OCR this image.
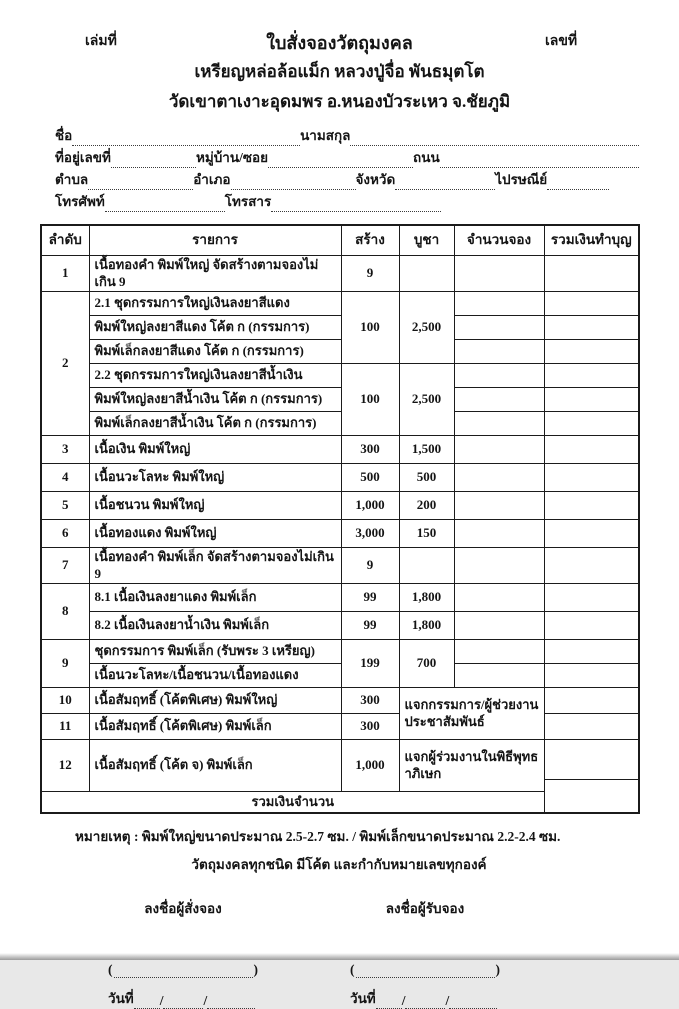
เล่มที่	เลขที่
ใบสั่งจองวัตถุมงคล
เหรียญหล่อล้อแม็ก หลวงปู่จื่อ พันธมุตโต
วัดเขาตาเงาะอุดมพร อ.หนองบัวระเหว จ.ชัยภูมิ
ชื่อ	นามสกุล
ที่อยู่เลขที่	หมู่บ้าน/ซอย	ถนน
ตำบล	อำเภอ	จังหวัด	ไปรษณีย์
โทรศัพท์	โทรสาร
ลำดับ	รายการ	สร้าง	บูชา	จำนวนจอง	รวมเงินทำบุญ
1	เนื้อทองคำ พิมพ์ใหญ่ จัดสร้างตามจองไม่เกิน 9	9			
2	2.1 ชุดกรรมการใหญ่เงินลงยาสีแดง	100	2,500		
	พิมพ์ใหญ่ลงยาสีแดง โค้ต ก (กรรมการ)				
	พิมพ์เล็กลงยาสีแดง โค้ต ก (กรรมการ)				
	2.2 ชุดกรรมการใหญ่เงินลงยาสีน้ำเงิน	100	2,500		
	พิมพ์ใหญ่ลงยาสีน้ำเงิน โค้ต ก (กรรมการ)				
	พิมพ์เล็กลงยาสีน้ำเงิน โค้ต ก (กรรมการ)				
3	เนื้อเงิน พิมพ์ใหญ่	300	1,500		
4	เนื้อนวะโลหะ พิมพ์ใหญ่	500	500		
5	เนื้อชนวน พิมพ์ใหญ่	1,000	200		
6	เนื้อทองแดง พิมพ์ใหญ่	3,000	150		
7	เนื้อทองคำ พิมพ์เล็ก จัดสร้างตามจองไม่เกิน 9	9			
8	8.1 เนื้อเงินลงยาแดง พิมพ์เล็ก	99	1,800		
	8.2 เนื้อเงินลงยาน้ำเงิน พิมพ์เล็ก	99	1,800		
9	ชุดกรรมการ พิมพ์เล็ก (รับพระ 3 เหรียญ)	199	700		
	เนื้อนวะโลหะ/เนื้อชนวน/เนื้อทองแดง				
10	เนื้อสัมฤทธิ์ (โค้ตพิเศษ) พิมพ์ใหญ่	300	แจกกรรมการ/ผู้ช่วยงาน ประชาสัมพันธ์		
11	เนื้อสัมฤทธิ์ (โค้ตพิเศษ) พิมพ์เล็ก	300			
12	เนื้อสัมฤทธิ์ (โค้ต จ) พิมพ์เล็ก	1,000	แจกผู้ร่วมงานในพิธีพุทธาภิเษก		

รวมเงินจำนวน					
หมายเหตุ : พิมพ์ใหญ่ขนาดประมาณ 2.5-2.7 ซม. / พิมพ์เล็กขนาดประมาณ 2.2-2.4 ซม.
วัตถุมงคลทุกชนิด มีโค้ต และกำกับหมายเลขทุกองค์
ลงชื่อผู้สั่งจอง
(	)
วันที่ /	/
ลงชื่อผู้รับจอง
(	)
วันที่ /	/
